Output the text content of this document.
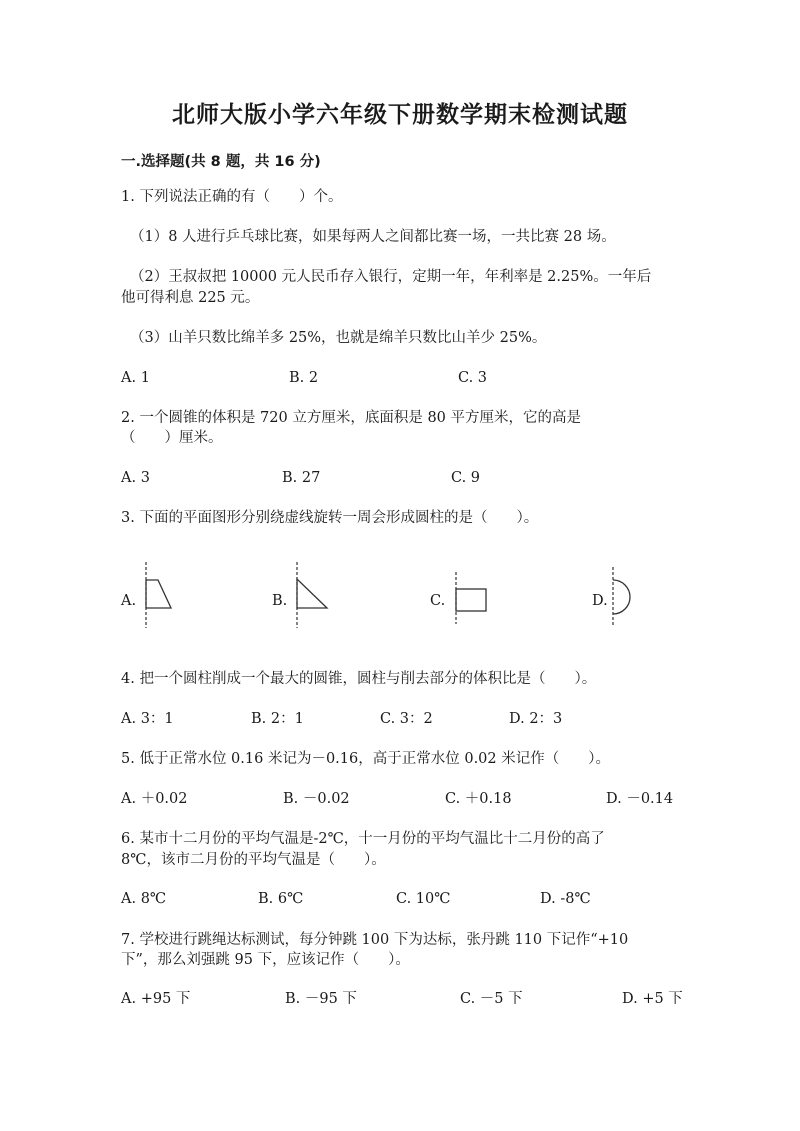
北师大版小学六年级下册数学期末检测试题
一.选择题(共 8 题，共 16 分)
1. 下列说法正确的有（　　）个。
（1）8 人进行乒乓球比赛，如果每两人之间都比赛一场，一共比赛 28 场。
（2）王叔叔把 10000 元人民币存入银行，定期一年，年利率是 2.25%。一年后
他可得利息 225 元。
（3）山羊只数比绵羊多 25%，也就是绵羊只数比山羊少 25%。
A. 1	B. 2	C. 3
2. 一个圆锥的体积是 720 立方厘米，底面积是 80 平方厘米，它的高是
（　　）厘米。
A. 3	B. 27	C. 9
3. 下面的平面图形分别绕虚线旋转一周会形成圆柱的是（　　）。
A.	B.	C.	D.
4. 把一个圆柱削成一个最大的圆锥，圆柱与削去部分的体积比是（　　）。
A. 3：1	B. 2：1	C. 3：2	D. 2：3
5. 低于正常水位 0.16 米记为－0.16，高于正常水位 0.02 米记作（　　）。
A. ＋0.02	B. －0.02	C. ＋0.18	D. －0.14
6. 某市十二月份的平均气温是-2℃，十一月份的平均气温比十二月份的高了
8℃，该市二月份的平均气温是（　　）。
A. 8℃	B. 6℃	C. 10℃	D. -8℃
7. 学校进行跳绳达标测试，每分钟跳 100 下为达标，张丹跳 110 下记作“+10
下”，那么刘强跳 95 下，应该记作（　　）。
A. +95 下	B. －95 下	C. －5 下	D. +5 下
